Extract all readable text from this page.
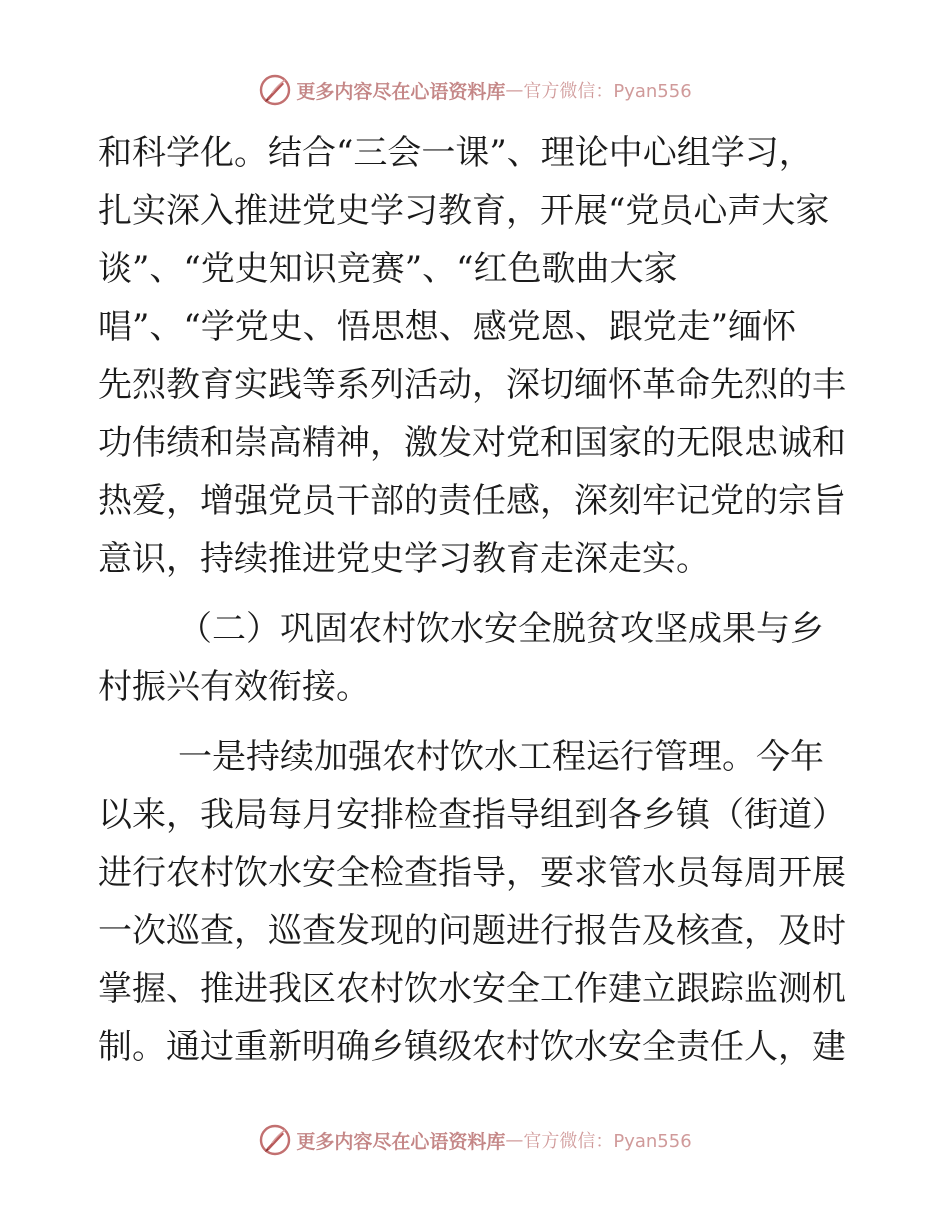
更多内容尽在心语资料库 — 官方微信：Pyan556
和科学化。结合“三会一课”、理论中心组学习，
扎实深入推进党史学习教育，开展“党员心声大家
谈”、“党史知识竞赛”、“红色歌曲大家
唱”、“学党史、悟思想、感党恩、跟党走”缅怀
先烈教育实践等系列活动，深切缅怀革命先烈的丰
功伟绩和崇高精神，激发对党和国家的无限忠诚和
热爱，增强党员干部的责任感，深刻牢记党的宗旨
意识，持续推进党史学习教育走深走实。
（二）巩固农村饮水安全脱贫攻坚成果与乡
村振兴有效衔接。
一是持续加强农村饮水工程运行管理。今年
以来，我局每月安排检查指导组到各乡镇（街道）
进行农村饮水安全检查指导，要求管水员每周开展
一次巡查，巡查发现的问题进行报告及核查，及时
掌握、推进我区农村饮水安全工作建立跟踪监测机
制。通过重新明确乡镇级农村饮水安全责任人，建
更多内容尽在心语资料库 — 官方微信：Pyan556
